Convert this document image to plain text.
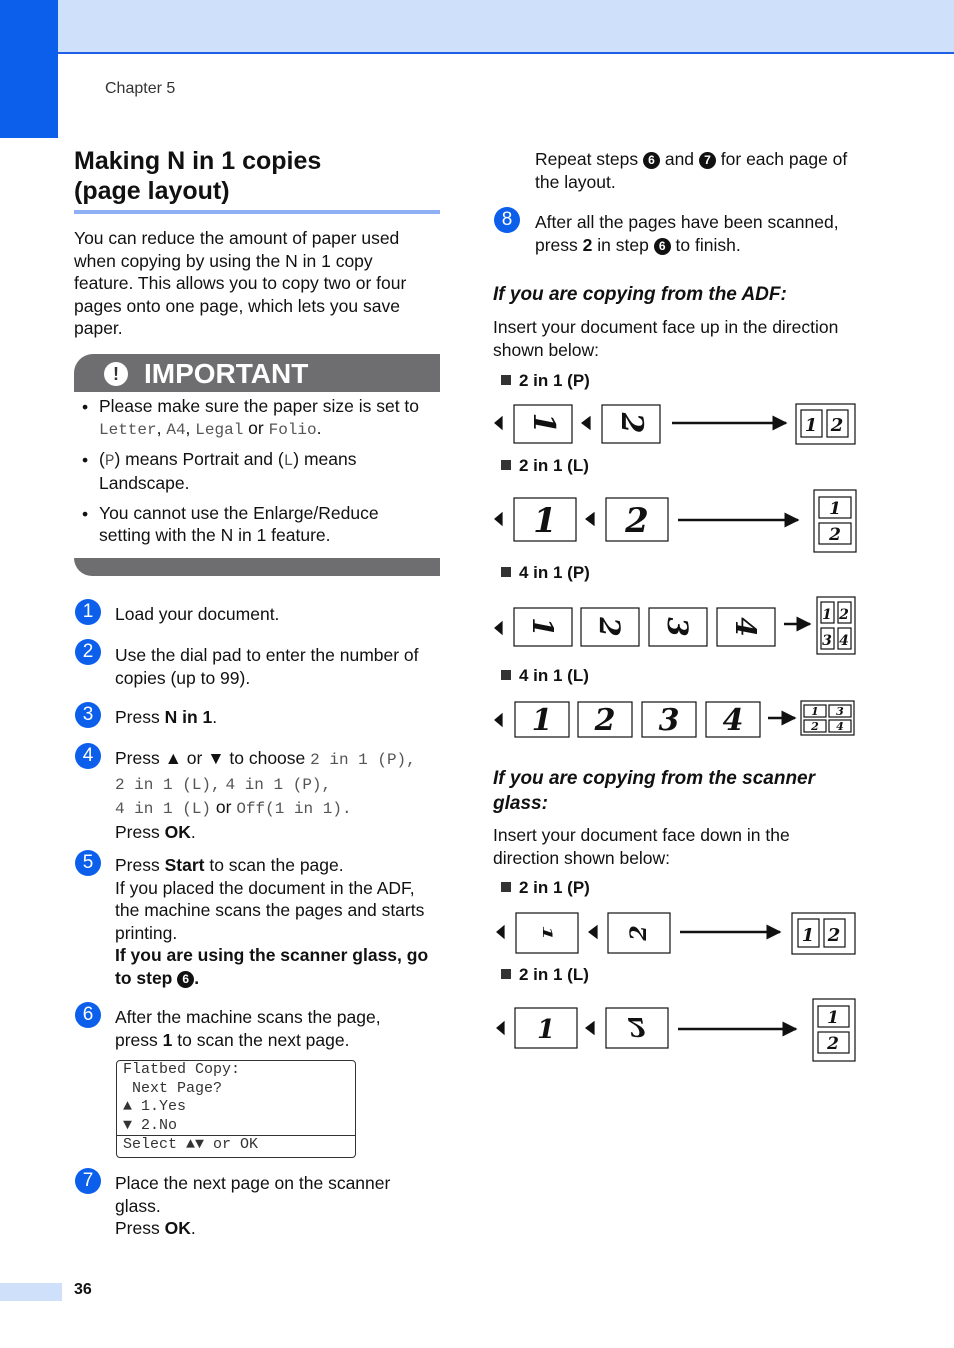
Chapter 5
Making N in 1 copies
(page layout)
You can reduce the amount of paper used
when copying by using the N in 1 copy
feature. This allows you to copy two or four
pages onto one page, which lets you save
paper.
! IMPORTANT
• Please make sure the paper size is set to
Letter, A4, Legal or Folio.
• (P) means Portrait and (L) means
Landscape.
• You cannot use the Enlarge/Reduce
setting with the N in 1 feature.
1	Load your document.
2	Use the dial pad to enter the number of
copies (up to 99).
3	Press N in 1.
4	Press ▲ or ▼ to choose 2 in 1 (P),
2 in 1 (L), 4 in 1 (P),
4 in 1 (L) or Off(1 in 1).
Press OK.
5	Press Start to scan the page.
If you placed the document in the ADF,
the machine scans the pages and starts
printing.
If you are using the scanner glass, go
to step 6 .
6	After the machine scans the page,
press 1 to scan the next page.
Flatbed Copy:
Next Page?
▲ 1.Yes
▼ 2.No
Select ▲▼ or OK
7	Place the next page on the scanner
glass.
Press OK.
Repeat steps 6 and 7 for each page of
the layout.
8	After all the pages have been scanned,
press 2 in step 6 to finish.
If you are copying from the ADF:
Insert your document face up in the direction
shown below:
2 in 1 (P)
2 in 1 (L)
4 in 1 (P)
4 in 1 (L)
If you are copying from the scanner
glass:
Insert your document face down in the
direction shown below:
2 in 1 (P)
2 in 1 (L)
1 2	1 2
1 2	1
2
1 2 3 4
1 2
3 4
1 2 3 4	1 3
2 4
1	2	1 2
1	2	1
2
36
